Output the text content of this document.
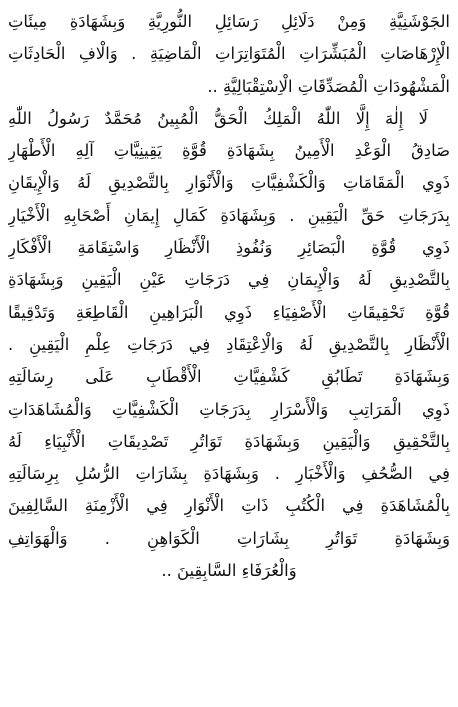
الجَوْشَنِيَّةِ وَمِنْ دَلَائِلِ رَسَائِلِ النُّورِيَّةِ وَبِشَهَادَةِ مِيئَاتِ
الْإِرْهَاصَاتِ الْمُبَشِّرَاتِ الْمُتَوَاتِرَاتِ الْمَاضِيَةِ . وَالْافِ الْحَادِثَاتِ
الْمَشْهُودَاتِ الْمُصَدِّقَاتِ الْاِسْتِقْبَالِيَّةِ ..
لَا إِلٰهَ إِلَّا اللّٰهُ الْمَلِكُ الْحَقُّ الْمُبِينُ مُحَمَّدٌ رَسُولُ اللّٰهِ
صَادِقُ الْوَعْدِ الْأَمِينُ بِشَهَادَةِ قُوَّةِ يَقِينِيَّاتِ آلِهِ الْأَطْهَارِ
ذَوِي الْمَقَامَاتِ وَالْكَشْفِيَّاتِ وَالْأَنْوَارِ بِالتَّصْدِيقِ لَهُ وَالْإِيقَانِ
بِدَرَجَاتِ حَقِّ الْيَقِينِ . وَبِشَهَادَةِ كَمَالِ إِيمَانِ أَصْحَابِهِ الْأَخْيَارِ
ذَوِي قُوَّةِ الْبَصَائِرِ وَنُفُوذِ الْأَنْظَارِ وَاسْتِقَامَةِ الْأَفْكَارِ
بِالتَّصْدِيقِ لَهُ وَالْإِيمَانِ فِي دَرَجَاتِ عَيْنِ الْيَقِينِ وَبِشَهَادَةِ
قُوَّةِ تَحْقِيقَاتِ الْأَصْفِيَاءِ ذَوِي الْبَرَاهِينِ الْقَاطِعَةِ وَتَدْقِيقًا
الْأَنْظَارِ بِالتَّصْدِيقِ لَهُ وَالْاِعْتِقَادِ فِي دَرَجَاتِ عِلْمِ الْيَقِينِ .
وَبِشَهَادَةِ تَطَابُقِ كَشْفِيَّاتِ الْأَقْطَابِ عَلَى رِسَالَتِهِ
ذَوِي الْمَرَاتِبِ وَالْأَسْرَارِ بِدَرَجَاتِ الْكَشْفِيَّاتِ وَالْمُشَاهَدَاتِ
بِالتَّحْقِيقِ وَالْيَقِينِ وَبِشَهَادَةِ تَوَاتُرِ تَصْدِيقَاتِ الْأَنْبِيَاءِ لَهُ
فِي الصُّحُفِ وَالْأَخْبَارِ . وَبِشَهَادَةِ بِشَارَاتِ الرُّسُلِ بِرِسَالَتِهِ
بِالْمُشَاهَدَةِ فِي الْكُتُبِ ذَاتِ الْأَنْوَارِ فِي الْأَزْمِنَةِ السَّالِفِينَ
وَبِشَهَادَةِ تَوَاتُرِ بِشَارَاتِ الْكَوَاهِنِ . وَالْهَوَاتِفِ
وَالْعُرَفَاءِ السَّابِقِينَ ..
